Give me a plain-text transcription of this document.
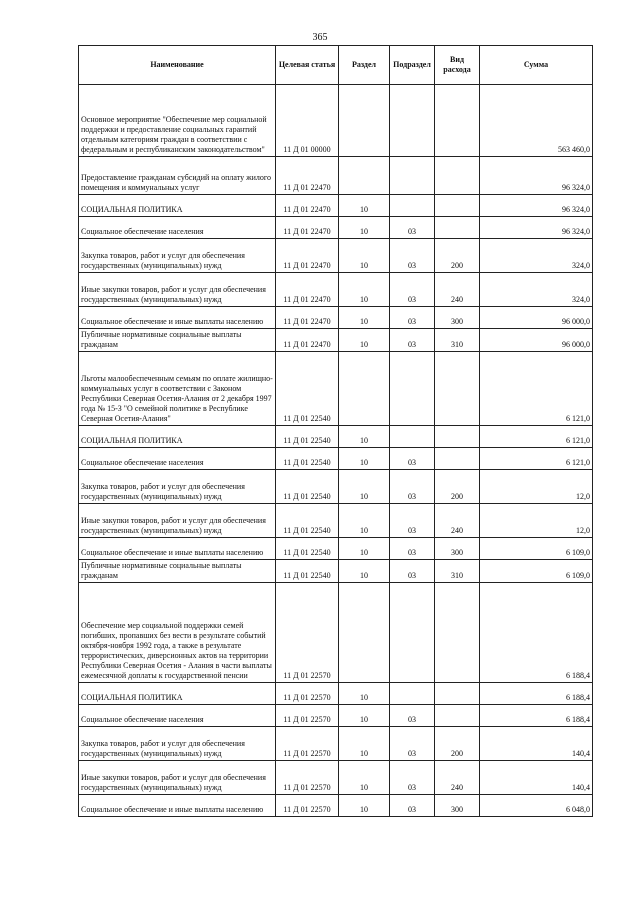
365
Наименование	Целевая статья	Раздел	Подраздел	Вид расхода	Сумма
Основное мероприятие "Обеспечение мер социальной поддержки и предоставление социальных гарантий отдельным категориям граждан в соответствии с федеральным и республиканским законодательством"	11 Д 01 00000				563 460,0
Предоставление гражданам субсидий на оплату жилого помещения и коммунальных услуг	11 Д 01 22470				96 324,0
СОЦИАЛЬНАЯ ПОЛИТИКА	11 Д 01 22470	10			96 324,0
Социальное обеспечение населения	11 Д 01 22470	10	03		96 324,0
Закупка товаров, работ и услуг для обеспечения государственных (муниципальных) нужд	11 Д 01 22470	10	03	200	324,0
Иные закупки товаров, работ и услуг для обеспечения государственных (муниципальных) нужд	11 Д 01 22470	10	03	240	324,0
Социальное обеспечение и иные выплаты населению	11 Д 01 22470	10	03	300	96 000,0
Публичные нормативные социальные выплаты гражданам	11 Д 01 22470	10	03	310	96 000,0
Льготы малообеспеченным семьям по оплате жилищно-коммунальных услуг в соответствии с Законом Республики Северная Осетия-Алания от 2 декабря 1997 года № 15-З "О семейной политике в Республике Северная Осетия-Алания"	11 Д 01 22540				6 121,0
СОЦИАЛЬНАЯ ПОЛИТИКА	11 Д 01 22540	10			6 121,0
Социальное обеспечение населения	11 Д 01 22540	10	03		6 121,0
Закупка товаров, работ и услуг для обеспечения государственных (муниципальных) нужд	11 Д 01 22540	10	03	200	12,0
Иные закупки товаров, работ и услуг для обеспечения государственных (муниципальных) нужд	11 Д 01 22540	10	03	240	12,0
Социальное обеспечение и иные выплаты населению	11 Д 01 22540	10	03	300	6 109,0
Публичные нормативные социальные выплаты гражданам	11 Д 01 22540	10	03	310	6 109,0
Обеспечение мер социальной поддержки семей погибших, пропавших без вести в результате событий октября-ноября 1992 года, а также в результате террористических, диверсионных актов на территории Республики Северная Осетия - Алания в части выплаты ежемесячной доплаты к государственной пенсии	11 Д 01 22570				6 188,4
СОЦИАЛЬНАЯ ПОЛИТИКА	11 Д 01 22570	10			6 188,4
Социальное обеспечение населения	11 Д 01 22570	10	03		6 188,4
Закупка товаров, работ и услуг для обеспечения государственных (муниципальных) нужд	11 Д 01 22570	10	03	200	140,4
Иные закупки товаров, работ и услуг для обеспечения государственных (муниципальных) нужд	11 Д 01 22570	10	03	240	140,4
Социальное обеспечение и иные выплаты населению	11 Д 01 22570	10	03	300	6 048,0
